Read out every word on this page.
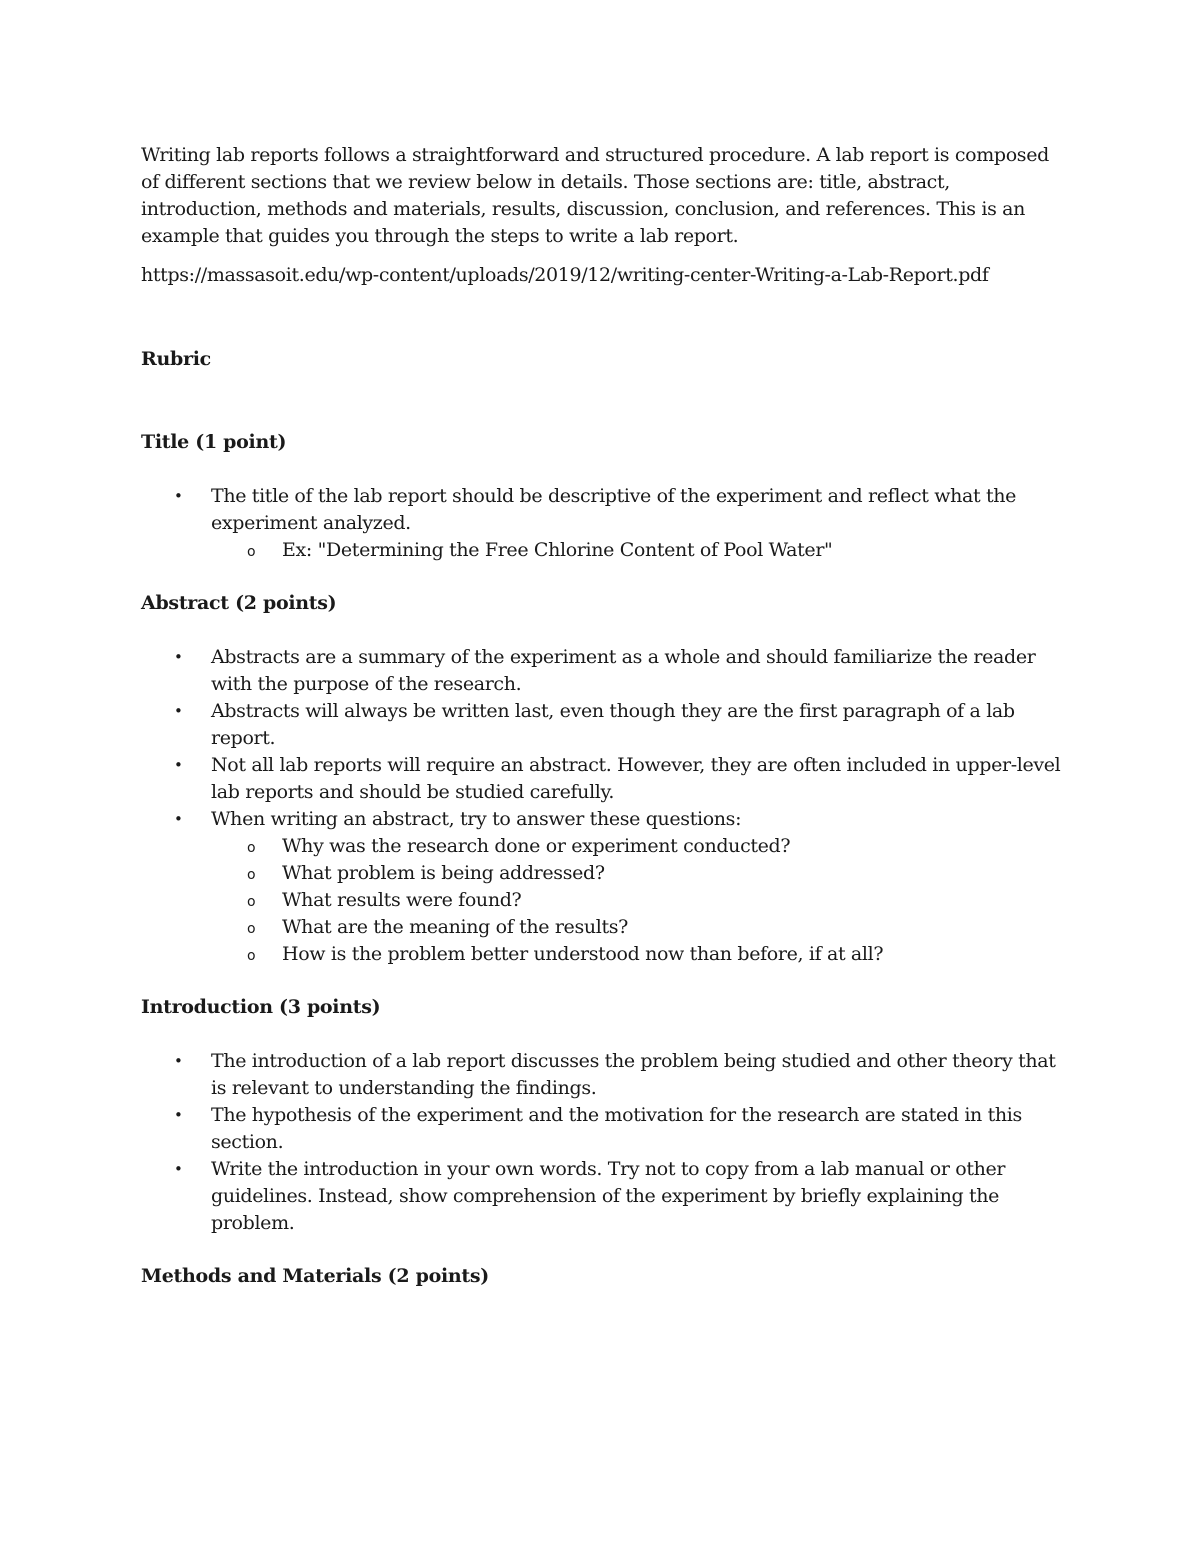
Writing lab reports follows a straightforward and structured procedure. A lab report is composed of different sections that we review below in details. Those sections are: title, abstract, introduction, methods and materials, results, discussion, conclusion, and references. This is an example that guides you through the steps to write a lab report.

https://massasoit.edu/wp-content/uploads/2019/12/writing-center-Writing-a-Lab-Report.pdf

Rubric

Title (1 point)

• The title of the lab report should be descriptive of the experiment and reflect what the experiment analyzed.
o Ex: "Determining the Free Chlorine Content of Pool Water"

Abstract (2 points)

• Abstracts are a summary of the experiment as a whole and should familiarize the reader with the purpose of the research.
• Abstracts will always be written last, even though they are the first paragraph of a lab report.
• Not all lab reports will require an abstract. However, they are often included in upper-level lab reports and should be studied carefully.
• When writing an abstract, try to answer these questions:
o Why was the research done or experiment conducted?
o What problem is being addressed?
o What results were found?
o What are the meaning of the results?
o How is the problem better understood now than before, if at all?

Introduction (3 points)

• The introduction of a lab report discusses the problem being studied and other theory that is relevant to understanding the findings.
• The hypothesis of the experiment and the motivation for the research are stated in this section.
• Write the introduction in your own words. Try not to copy from a lab manual or other guidelines. Instead, show comprehension of the experiment by briefly explaining the problem.

Methods and Materials (2 points)
